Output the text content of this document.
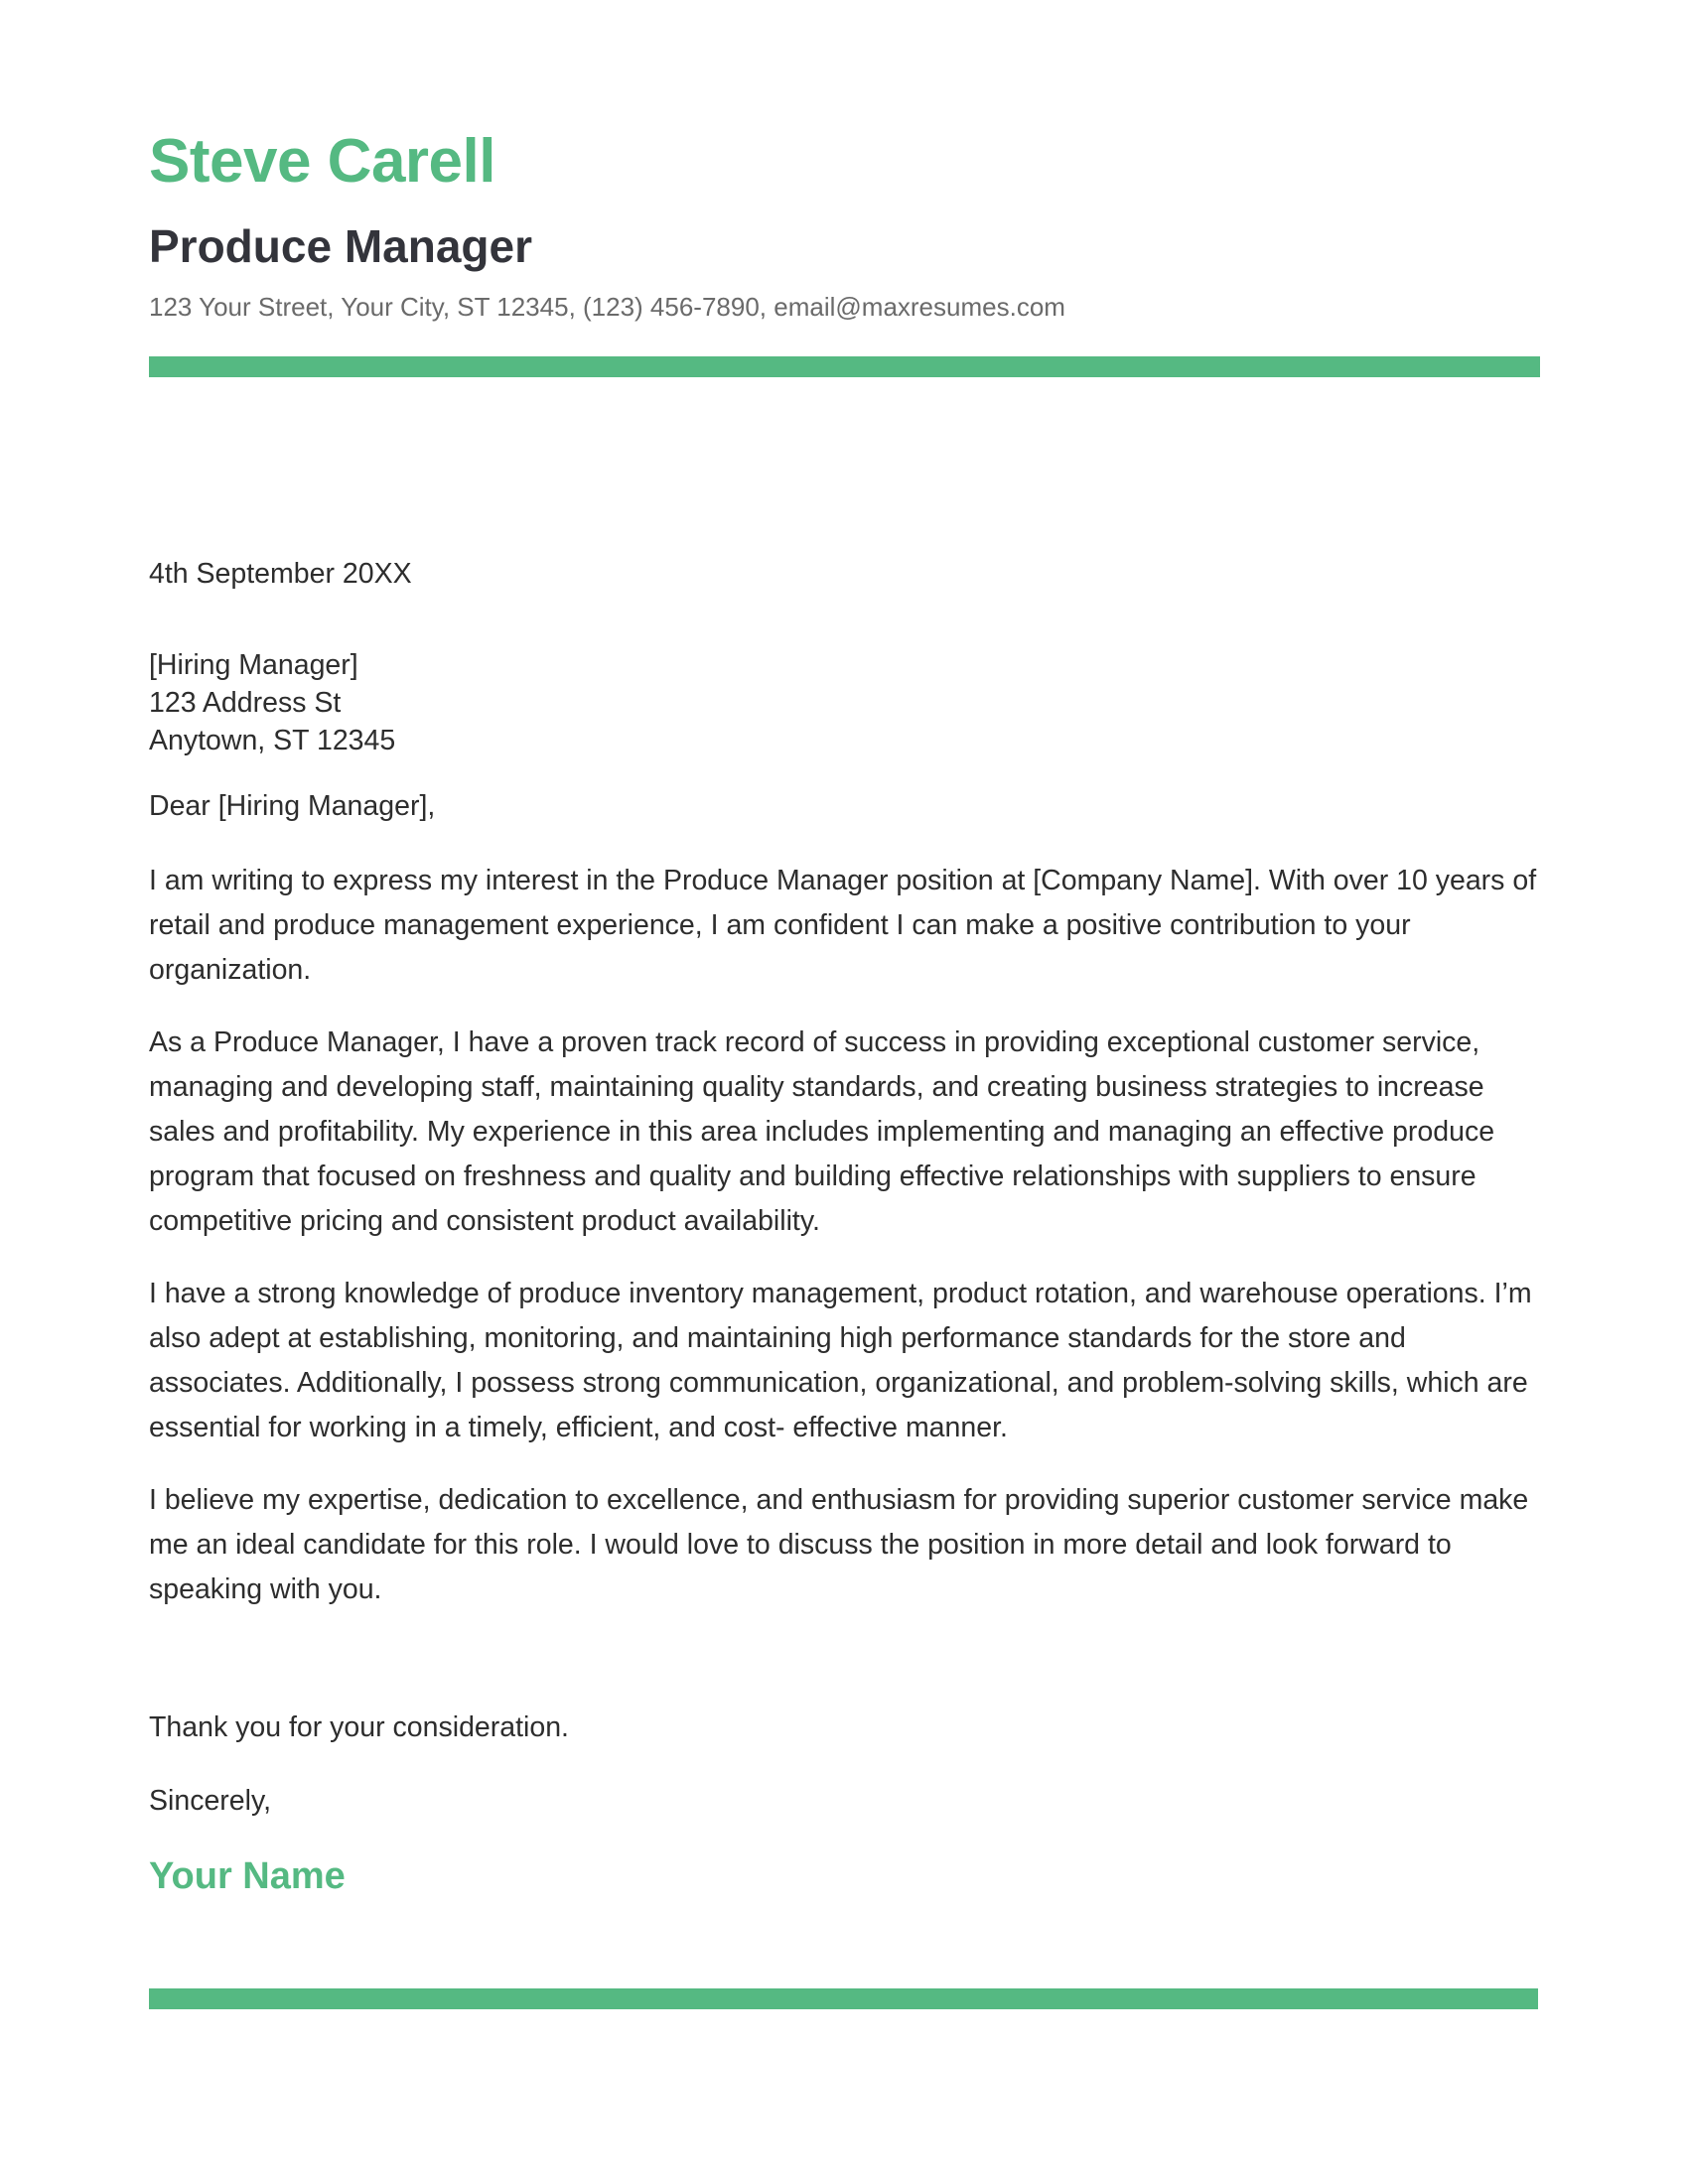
Steve Carell
Produce Manager

123 Your Street, Your City, ST 12345, (123) 456-7890, email@maxresumes.com

4th September 20XX

[Hiring Manager]
123 Address St
Anytown, ST 12345

Dear [Hiring Manager],

I am writing to express my interest in the Produce Manager position at [Company Name]. With over 10 years of retail and produce management experience, I am confident I can make a positive contribution to your organization.

As a Produce Manager, I have a proven track record of success in providing exceptional customer service, managing and developing staff, maintaining quality standards, and creating business strategies to increase sales and profitability. My experience in this area includes implementing and managing an effective produce program that focused on freshness and quality and building effective relationships with suppliers to ensure competitive pricing and consistent product availability.

I have a strong knowledge of produce inventory management, product rotation, and warehouse operations. I’m also adept at establishing, monitoring, and maintaining high performance standards for the store and associates. Additionally, I possess strong communication, organizational, and problem-solving skills, which are essential for working in a timely, efficient, and cost- effective manner.

I believe my expertise, dedication to excellence, and enthusiasm for providing superior customer service make me an ideal candidate for this role. I would love to discuss the position in more detail and look forward to speaking with you.

Thank you for your consideration.

Sincerely,

Your Name
